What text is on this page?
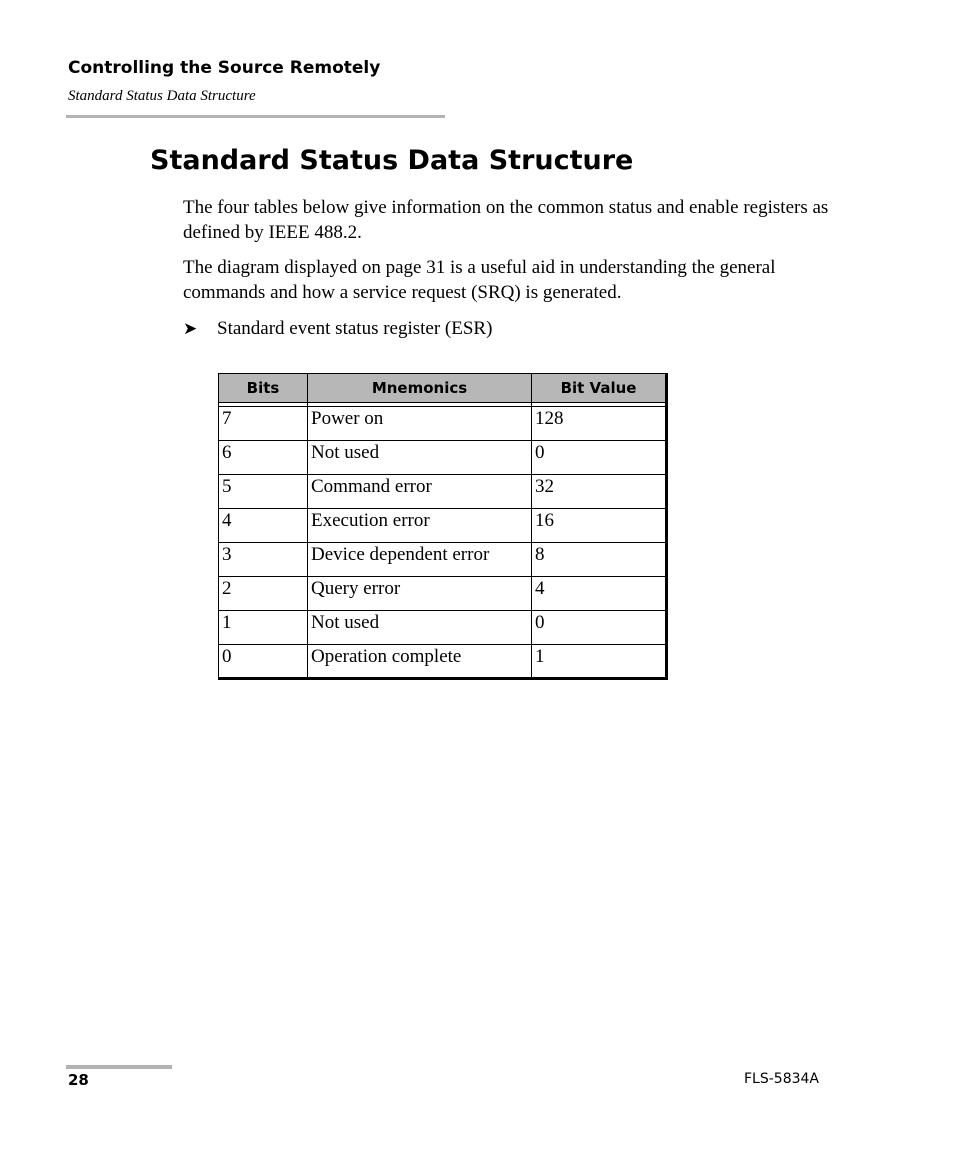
Controlling the Source Remotely
Standard Status Data Structure
Standard Status Data Structure

The four tables below give information on the common status and enable registers as defined by IEEE 488.2.

The diagram displayed on page 31 is a useful aid in understanding the general commands and how a service request (SRQ) is generated.

➤ Standard event status register (ESR)
Bits	Mnemonics	Bit Value

7	Power on	128
6	Not used	0
5	Command error	32
4	Execution error	16
3	Device dependent error	8
2	Query error	4
1	Not used	0
0	Operation complete	1
28	FLS-5834A
